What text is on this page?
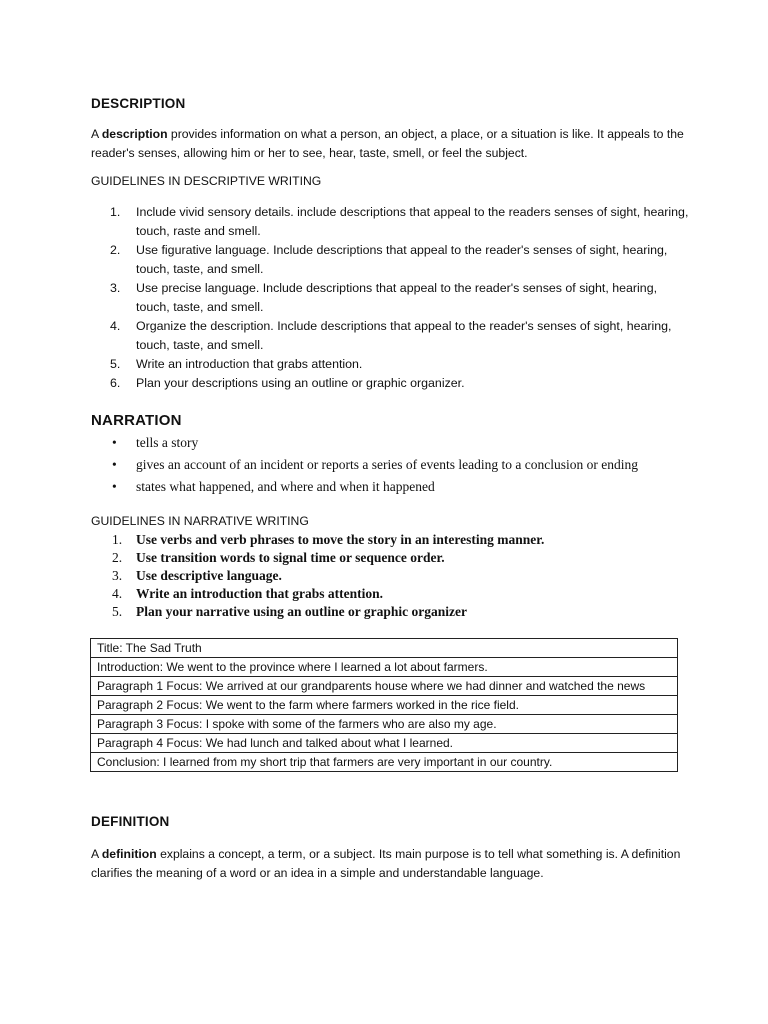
DESCRIPTION

A description provides information on what a person, an object, a place, or a situation is like. It appeals to the reader's senses, allowing him or her to see, hear, taste, smell, or feel the subject.

GUIDELINES IN DESCRIPTIVE WRITING

1.	Include vivid sensory details. include descriptions that appeal to the readers senses of sight, hearing, touch, raste and smell.
2.	Use figurative language. Include descriptions that appeal to the reader's senses of sight, hearing, touch, taste, and smell.
3.	Use precise language. Include descriptions that appeal to the reader's senses of sight, hearing, touch, taste, and smell.
4.	Organize the description. Include descriptions that appeal to the reader's senses of sight, hearing, touch, taste, and smell.
5.	Write an introduction that grabs attention.
6.	Plan your descriptions using an outline or graphic organizer.
NARRATION
• tells a story
• gives an account of an incident or reports a series of events leading to a conclusion or ending
• states what happened, and where and when it happened

GUIDELINES IN NARRATIVE WRITING

1. Use verbs and verb phrases to move the story in an interesting manner.
2. Use transition words to signal time or sequence order.
3. Use descriptive language.
4. Write an introduction that grabs attention.
5. Plan your narrative using an outline or graphic organizer
Title: The Sad Truth
Introduction: We went to the province where I learned a lot about farmers.
Paragraph 1 Focus: We arrived at our grandparents house where we had dinner and watched the news
Paragraph 2 Focus: We went to the farm where farmers worked in the rice field.
Paragraph 3 Focus: I spoke with some of the farmers who are also my age.
Paragraph 4 Focus: We had lunch and talked about what I learned.
Conclusion: I learned from my short trip that farmers are very important in our country.
DEFINITION

A definition explains a concept, a term, or a subject. Its main purpose is to tell what something is. A definition clarifies the meaning of a word or an idea in a simple and understandable language.
